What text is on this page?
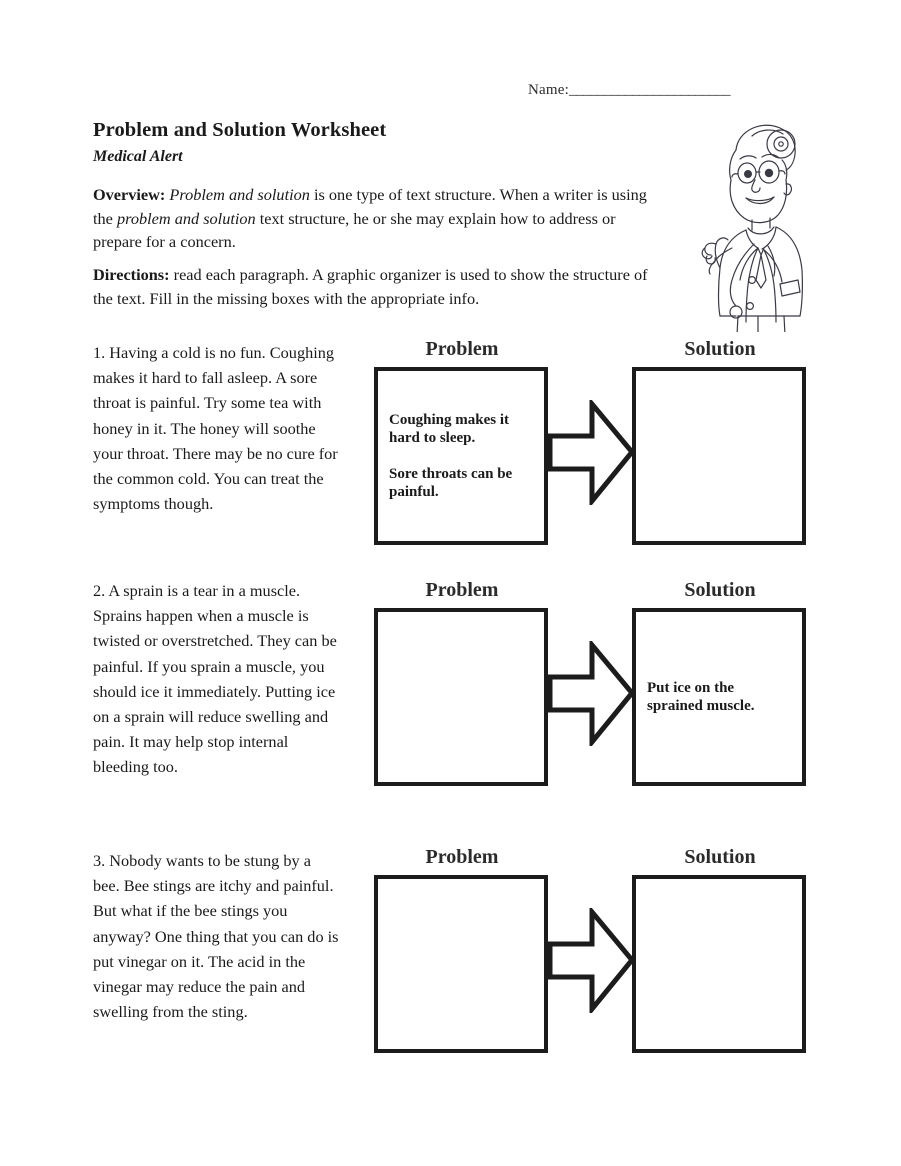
Name:_______________________
Problem and Solution Worksheet
Medical Alert
Overview: Problem and solution is one type of text structure. When a writer is using the problem and solution text structure, he or she may explain how to address or prepare for a concern.
Directions: read each paragraph. A graphic organizer is used to show the structure of the text. Fill in the missing boxes with the appropriate info.
1. Having a cold is no fun. Coughing makes it hard to fall asleep. A sore throat is painful. Try some tea with honey in it. The honey will soothe your throat. There may be no cure for the common cold. You can treat the symptoms though.
2. A sprain is a tear in a muscle. Sprains happen when a muscle is twisted or overstretched. They can be painful. If you sprain a muscle, you should ice it immediately. Putting ice on a sprain will reduce swelling and pain. It may help stop internal bleeding too.
3. Nobody wants to be stung by a bee. Bee stings are itchy and painful. But what if the bee stings you anyway? One thing that you can do is put vinegar on it. The acid in the vinegar may reduce the pain and swelling from the sting.
Problem	Solution
Coughing makes it hard to sleep.
Sore throats can be painful.
Problem	Solution
Put ice on the sprained muscle.
Problem	Solution
